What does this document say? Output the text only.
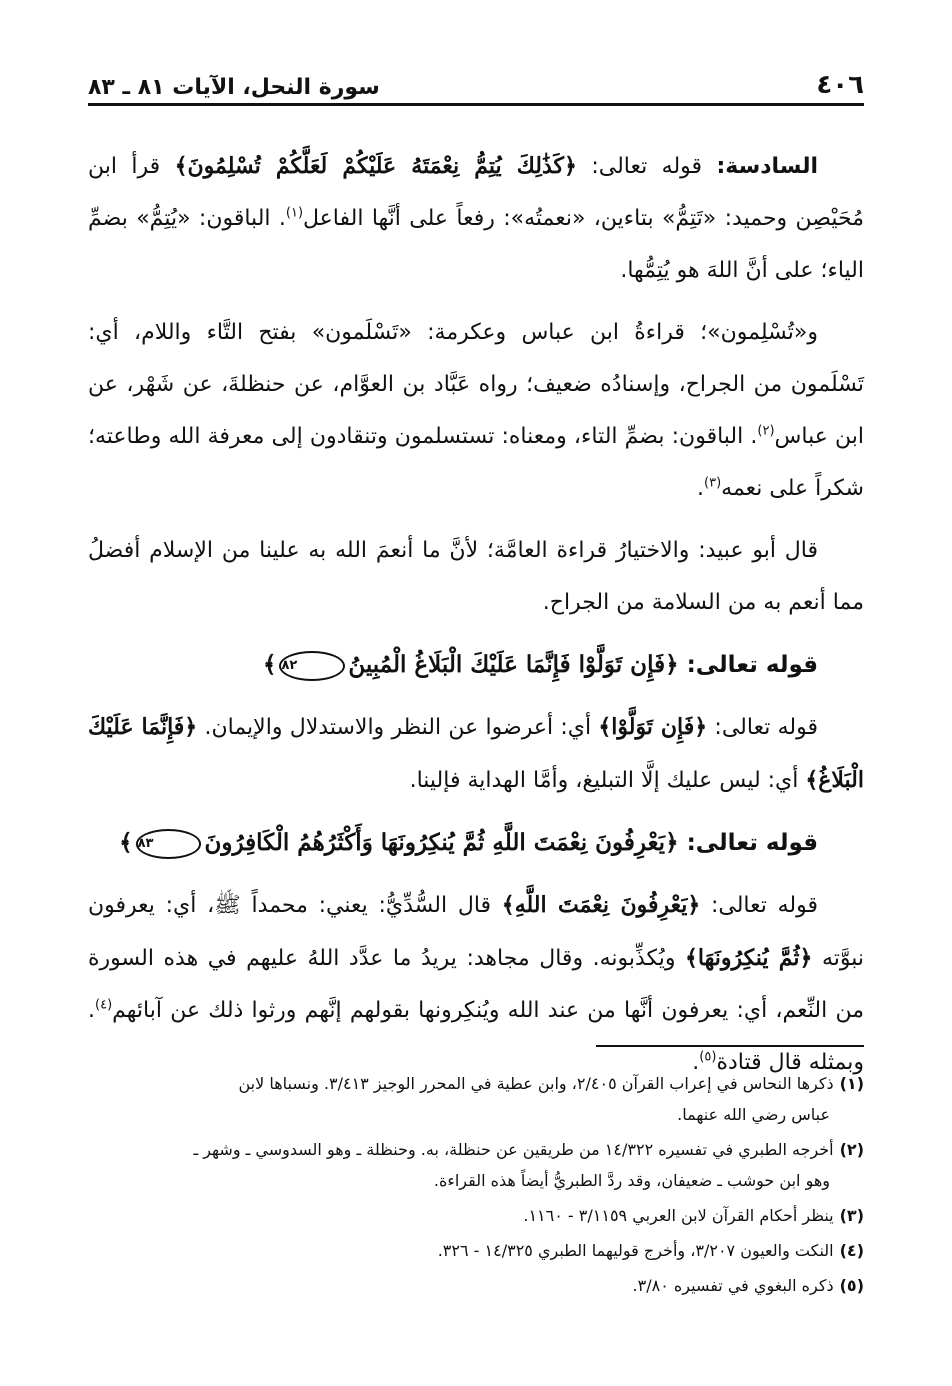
٤٠٦
سورة النحل، الآيات ٨١ ـ ٨٣

السادسة: قوله تعالى: ﴿كَذَٰلِكَ يُتِمُّ نِعْمَتَهُ عَلَيْكُمْ لَعَلَّكُمْ تُسْلِمُونَ﴾ قرأ ابن مُحَيْصِن وحميد: «تَتِمُّ» بتاءين، «نعمتُه»: رفعاً على أنَّها الفاعل$^{(١)}$. الباقون: «يُتِمُّ» بضمِّ الياء؛ على أنَّ اللهَ هو يُتِمُّها.

و«تُسْلِمون»؛ قراءةُ ابن عباس وعكرمة: «تَسْلَمون» بفتح التَّاء واللام، أي: تَسْلَمون من الجراح، وإسنادُه ضعيف؛ رواه عَبَّاد بن العوَّام، عن حنظلةَ، عن شَهْر، عن ابن عباس$^{(٢)}$. الباقون: بضمِّ التاء، ومعناه: تستسلمون وتنقادون إلى معرفة الله وطاعته؛ شكراً على نعمه$^{(٣)}$.

قال أبو عبيد: والاختيارُ قراءة العامَّة؛ لأنَّ ما أنعمَ الله به علينا من الإسلام أفضلُ مما أنعم به من السلامة من الجراح.

قوله تعالى: ﴿فَإِن تَوَلَّوْا فَإِنَّمَا عَلَيْكَ الْبَلَاغُ الْمُبِينُ٨٢﴾

قوله تعالى: ﴿فَإِن تَوَلَّوْا﴾ أي: أعرضوا عن النظر والاستدلال والإيمان. ﴿فَإِنَّمَا عَلَيْكَ الْبَلَاغُ﴾ أي: ليس عليك إلَّا التبليغ، وأمَّا الهداية فإلينا.

قوله تعالى: ﴿يَعْرِفُونَ نِعْمَتَ اللَّهِ ثُمَّ يُنكِرُونَهَا وَأَكْثَرُهُمُ الْكَافِرُونَ٨٣﴾

قوله تعالى: ﴿يَعْرِفُونَ نِعْمَتَ اللَّهِ﴾ قال السُّدِّيُّ: يعني: محمداً ﷺ، أي: يعرفون نبوَّته ﴿ثُمَّ يُنكِرُونَهَا﴾ ويُكذِّبونه. وقال مجاهد: يريدُ ما عدَّد اللهُ عليهم في هذه السورة من النِّعم، أي: يعرفون أنَّها من عند الله ويُنكِرونها بقولهم إنَّهم ورثوا ذلك عن آبائهم$^{(٤)}$. وبمثله قال قتادة$^{(٥)}$.

(١)ذكرها النحاس في إعراب القرآن ٢/٤٠٥، وابن عطية في المحرر الوجيز ٣/٤١٣. ونسباها لابن
عباس رضي الله عنهما.
(٢)أخرجه الطبري في تفسيره ١٤/٣٢٢ من طريقين عن حنظلة، به. وحنظلة ـ وهو السدوسي ـ وشهر ـ
وهو ابن حوشب ـ ضعيفان، وقد ردَّ الطبريُّ أيضاً هذه القراءة.
(٣)ينظر أحكام القرآن لابن العربي ٣/١١٥٩ - ١١٦٠.
(٤)النكت والعيون ٣/٢٠٧، وأخرج قوليهما الطبري ١٤/٣٢٥ - ٣٢٦.
(٥)ذكره البغوي في تفسيره ٣/٨٠.
